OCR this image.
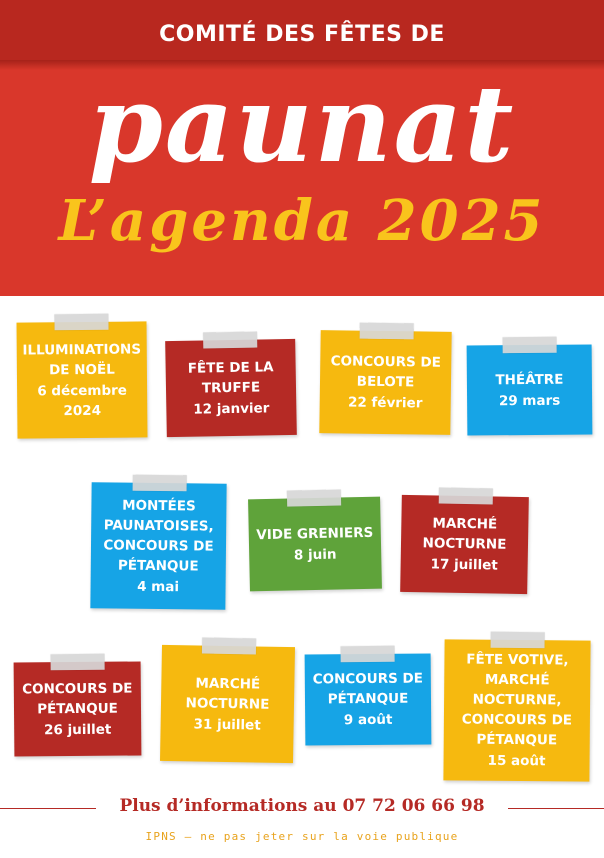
COMITÉ DES FÊTES DE
paunat
L’agenda 2025
ILLUMINATIONS DE NOËL
6 décembre 2024
FÊTE DE LA TRUFFE
12 janvier
CONCOURS DE BELOTE
22 février
THÉÂTRE
29 mars
MONTÉES PAUNATOISES, CONCOURS DE PÉTANQUE
4 mai
VIDE GRENIERS
8 juin
MARCHÉ NOCTURNE
17 juillet
CONCOURS DE PÉTANQUE
26 juillet
MARCHÉ NOCTURNE
31 juillet
CONCOURS DE PÉTANQUE
9 août
FÊTE VOTIVE, MARCHÉ NOCTURNE, CONCOURS DE PÉTANQUE
15 août
Plus d’informations au 07 72 06 66 98
IPNS – ne pas jeter sur la voie publique
